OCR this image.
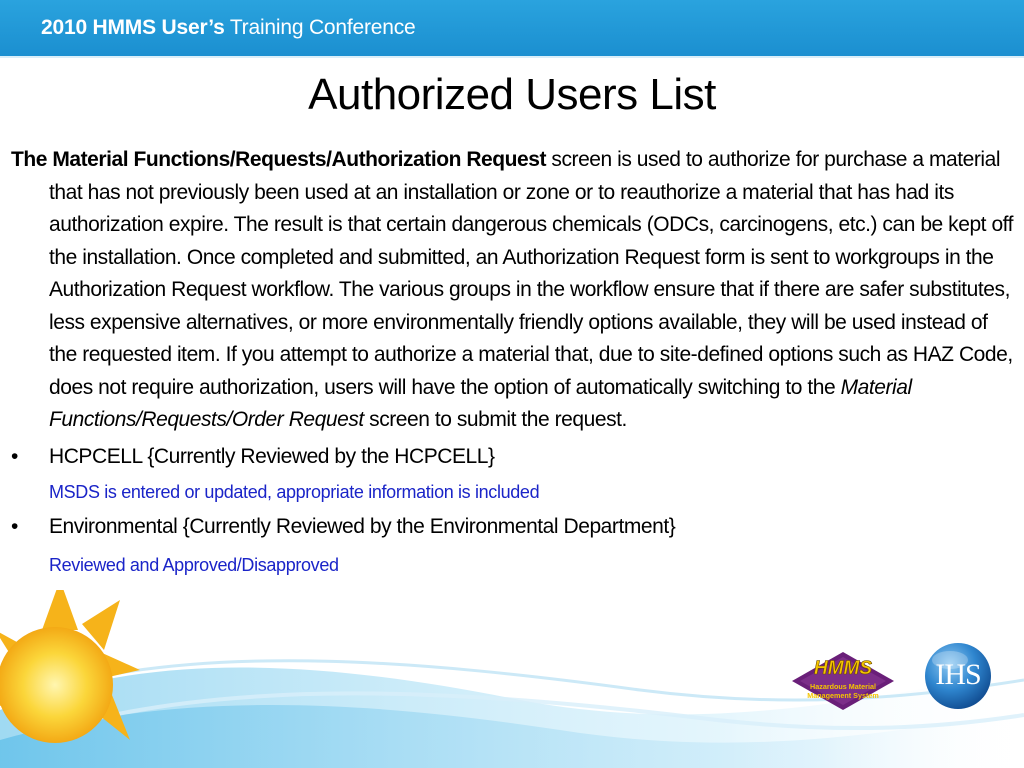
2010 HMMS User’s Training Conference
Authorized Users List

The Material Functions/Requests/Authorization Request screen is used to authorize for purchase a material that has not previously been used at an installation or zone or to reauthorize a material that has had its authorization expire. The result is that certain dangerous chemicals (ODCs, carcinogens, etc.) can be kept off the installation. Once completed and submitted, an Authorization Request form is sent to workgroups in the Authorization Request workflow. The various groups in the workflow ensure that if there are safer substitutes, less expensive alternatives, or more environmentally friendly options available, they will be used instead of the requested item. If you attempt to authorize a material that, due to site-defined options such as HAZ Code, does not require authorization, users will have the option of automatically switching to the Material Functions/Requests/Order Request screen to submit the request.

•	HCPCELL {Currently Reviewed by the HCPCELL}
MSDS is entered or updated, appropriate information is included
•	Environmental {Currently Reviewed by the Environmental Department}
Reviewed and Approved/Disapproved
HMMS
Hazardous Material
Management System
IHS
